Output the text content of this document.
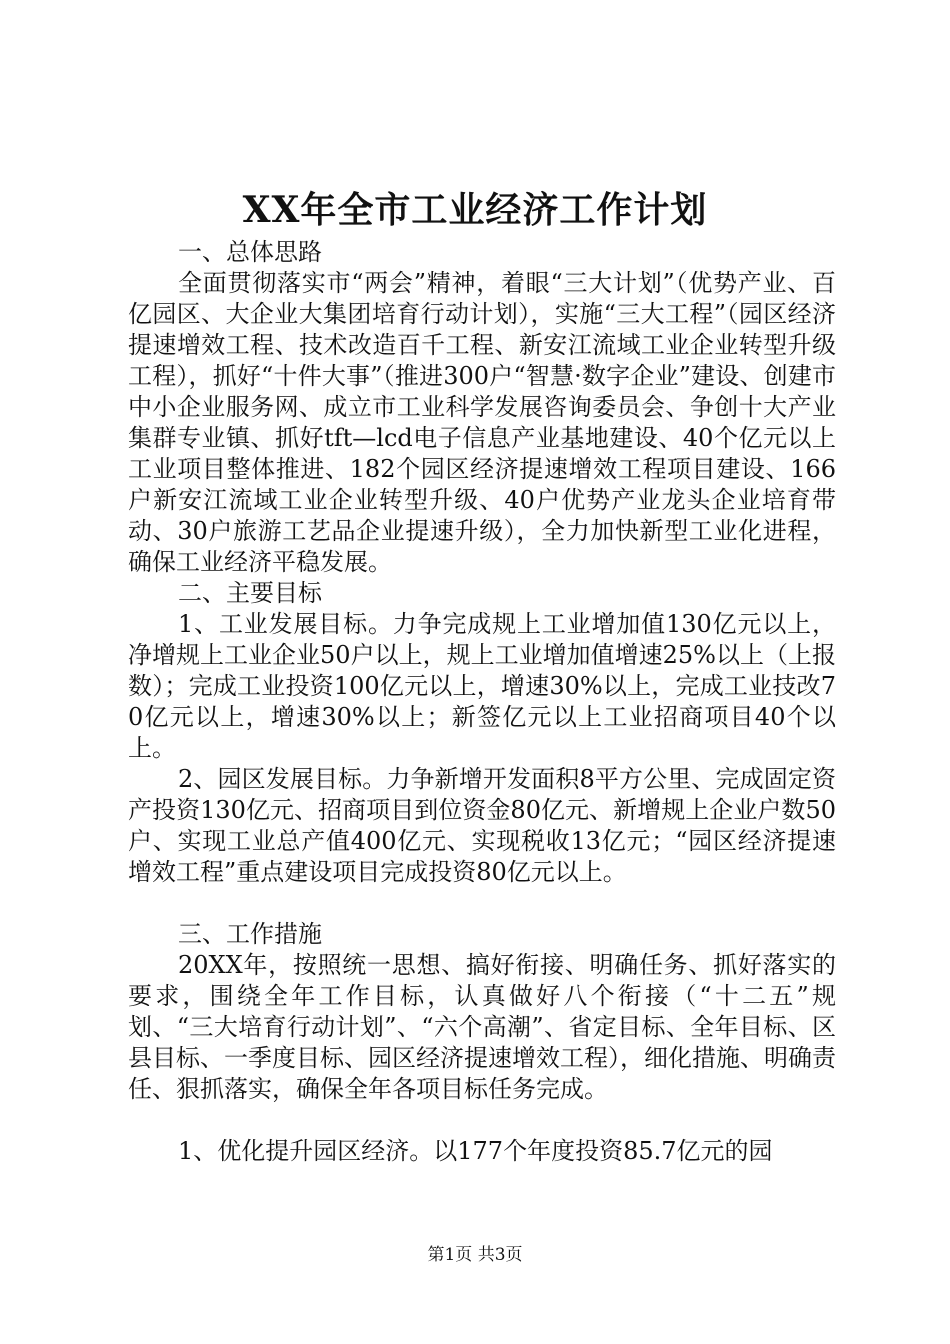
XX年全市工业经济工作计划

一、总体思路

全面贯彻落实市“两会”精神，着眼“三大计划”（优势产业、百亿园区、大企业大集团培育行动计划），实施“三大工程”（园区经济提速增效工程、技术改造百千工程、新安江流域工业企业转型升级工程），抓好“十件大事”（推进300户“智慧·数字企业”建设、创建市中小企业服务网、成立市工业科学发展咨询委员会、争创十大产业集群专业镇、抓好tft—lcd电子信息产业基地建设、40个亿元以上工业项目整体推进、182个园区经济提速增效工程项目建设、166户新安江流域工业企业转型升级、40户优势产业龙头企业培育带动、30户旅游工艺品企业提速升级），全力加快新型工业化进程，确保工业经济平稳发展。

二、主要目标

1、工业发展目标。力争完成规上工业增加值130亿元以上，净增规上工业企业50户以上，规上工业增加值增速25%以上（上报数）；完成工业投资100亿元以上，增速30%以上，完成工业技改70亿元以上，增速30%以上；新签亿元以上工业招商项目40个以上。

2、园区发展目标。力争新增开发面积8平方公里、完成固定资产投资130亿元、招商项目到位资金80亿元、新增规上企业户数50户、实现工业总产值400亿元、实现税收13亿元；“园区经济提速增效工程”重点建设项目完成投资80亿元以上。

三、工作措施

20XX年，按照统一思想、搞好衔接、明确任务、抓好落实的要求，围绕全年工作目标，认真做好八个衔接（“十二五”规划、“三大培育行动计划”、“六个高潮”、省定目标、全年目标、区县目标、一季度目标、园区经济提速增效工程），细化措施、明确责任、狠抓落实，确保全年各项目标任务完成。

1、优化提升园区经济。以177个年度投资85.7亿元的园

第1页 共3页
